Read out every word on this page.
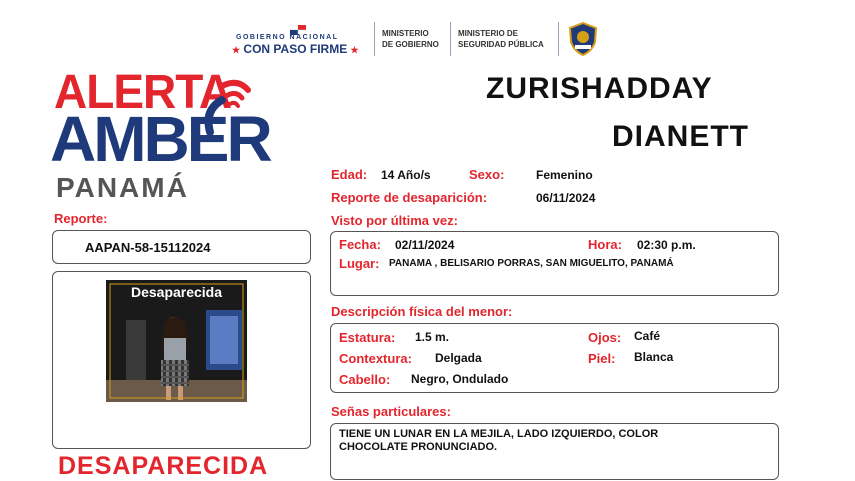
GOBIERNO NACIONAL
★ CON PASO FIRME ★
MINISTERIO
DE GOBIERNO
MINISTERIO DE
SEGURIDAD PÚBLICA
ALERTA
AMBER
PANAMÁ
ZURISHADDAY
DIANETT
Reporte:
AAPAN-58-15112024
Desaparecida
DESAPARECIDA
Edad: 14 Año/s	Sexo:	Femenino
Reporte de desaparición:	06/11/2024
Visto por última vez:
Fecha: 02/11/2024	Hora: 02:30 p.m.
Lugar: PANAMA , BELISARIO PORRAS, SAN MIGUELITO, PANAMÁ
Descripción física del menor:
Estatura: 1.5 m.	Ojos: Café
Contextura: Delgada	Piel: Blanca
Cabello: Negro, Ondulado
Señas particulares:
TIENE UN LUNAR EN LA MEJILA, LADO IZQUIERDO, COLOR
CHOCOLATE PRONUNCIADO.
